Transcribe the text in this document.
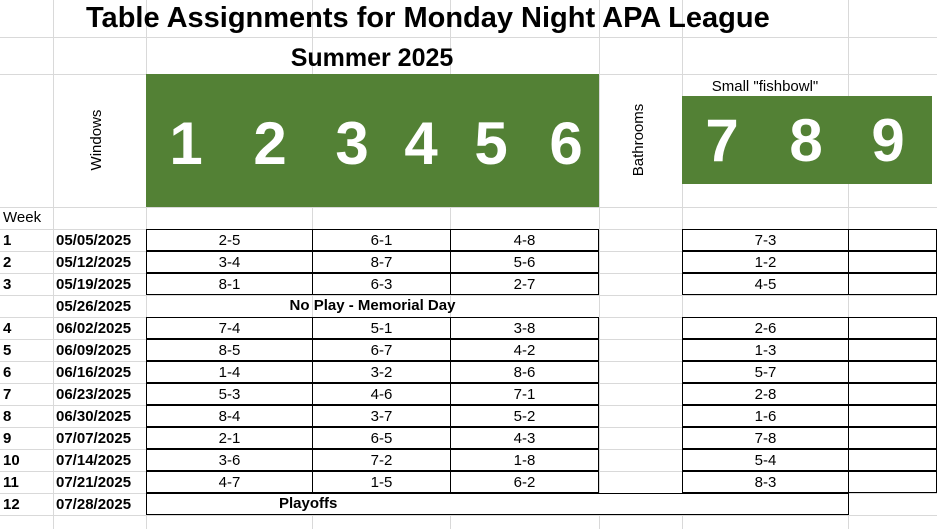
Table Assignments for Monday Night APA League
Summer 2025
Windows 1 2 3 4 5 6	Bathrooms
Small "fishbowl"
7 8 9
Week
1	05/05/2025	2-5	6-1	4-8	7-3
2	05/12/2025	3-4	8-7	5-6	1-2
3	05/19/2025	8-1	6-3	2-7	4-5
05/26/2025	No Play - Memorial Day
4	06/02/2025	7-4	5-1	3-8	2-6
5	06/09/2025	8-5	6-7	4-2	1-3
6	06/16/2025	1-4	3-2	8-6	5-7
7	06/23/2025	5-3	4-6	7-1	2-8
8	06/30/2025	8-4	3-7	5-2	1-6
9	07/07/2025	2-1	6-5	4-3	7-8
10 07/14/2025	3-6	7-2	1-8	5-4
11 07/21/2025	4-7	1-5	6-2	8-3
12 07/28/2025	Playoffs
